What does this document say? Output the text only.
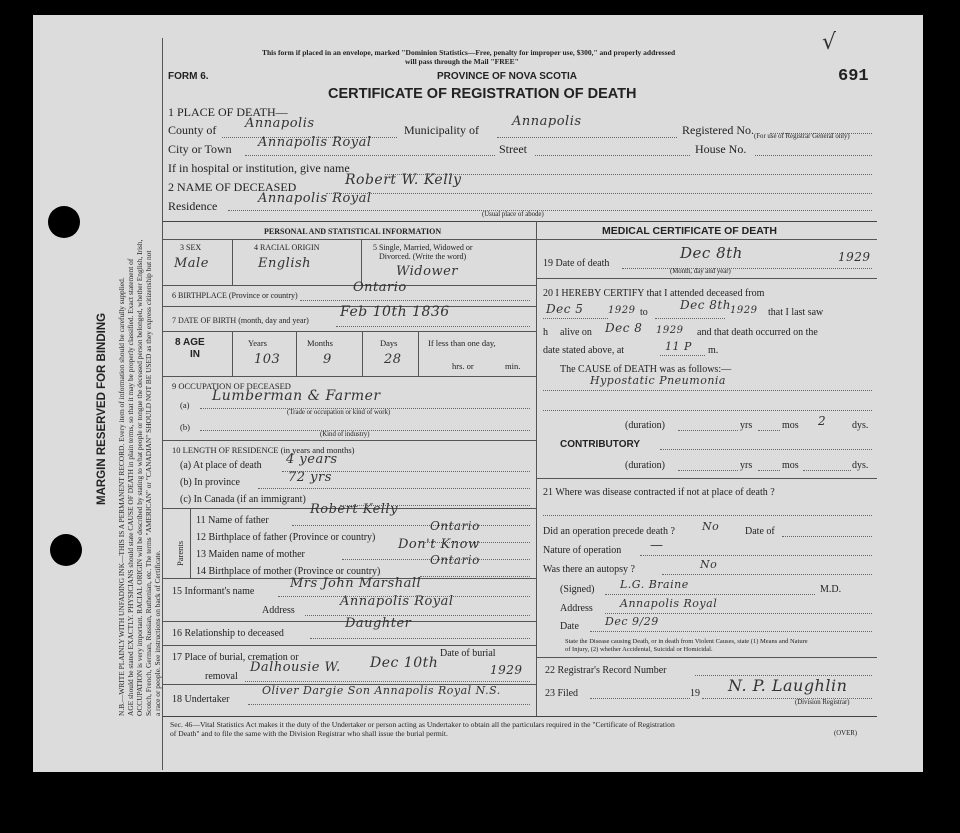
MARGIN RESERVED FOR BINDING N.B.—WRITE PLAINLY WITH UNFADING INK—THIS IS A PERMANENT RECORD. Every item of information should be carefully supplied. AGE should be stated EXACTLY. PHYSICIANS should state CAUSE OF DEATH in plain terms, so that it may be properly classified. Exact statement of OCCUPATION is very important. RACIAL ORIGIN will be described by stating to what people or tongue the deceased person belonged, whether English, Irish, Scotch, French, German, Russian, Ruthenian, etc. The terms "AMERICAN" or "CANADIAN" SHOULD NOT BE USED as they express citizenship but not a race or people. See instructions on back of Certificate.
This form if placed in an envelope, marked "Dominion Statistics—Free, penalty for improper use, $300," and properly addressed
will pass through the Mail "FREE"
√
FORM 6.	PROVINCE OF NOVA SCOTIA	691
CERTIFICATE OF REGISTRATION OF DEATH
1 PLACE OF DEATH—
County of Annapolis	Municipality of
Annapolis
Registered No. (For use of Registrar General only)
City or Town Annapolis Royal	Street	House No.
If in hospital or institution, give name
2 NAME OF DECEASED	Robert W. Kelly
Residence	Annapolis Royal
(Usual place of abode)
PERSONAL AND STATISTICAL INFORMATION
3 SEX
Male
4 RACIAL ORIGIN
English
5 Single, Married, Widowed or
Divorced. (Write the word)
Widower
6 BIRTHPLACE (Province or country)
Ontario
7 DATE OF BIRTH (month, day and year)
Feb 10th 1836
8 AGE
IN
Years
103
Months
9
Days
28
If less than one day,
hrs. or	min.
9 OCCUPATION OF DECEASED
(a)
Lumberman & Farmer
(Trade or occupation or kind of work)
(b)
(Kind of industry)
10 LENGTH OF RESIDENCE (in years and months)
(a) At place of death 4 years
(b) In province	72 yrs
(c) In Canada (if an immigrant)
Parents
11 Name of father
Robert Kelly
12 Birthplace of father (Province or country)
Ontario
13 Maiden name of mother
Don't Know
14 Birthplace of mother (Province or country)
Ontario
15 Informant's name
Mrs John Marshall
Address
Annapolis Royal
16 Relationship to deceased
Daughter
17 Place of burial, cremation or
removal
Dalhousie W.
Date of burial
Dec 10th	1929
18 Undertaker
Oliver Dargie Son Annapolis Royal N.S.
MEDICAL CERTIFICATE OF DEATH
19 Date of death
Dec 8th
(Month, day and year)
1929
20 I HEREBY CERTIFY that I attended deceased from
Dec 5 1929 to
Dec 8th 1929 that I last saw
h alive on Dec 8 1929 and that death occurred on the
date stated above, at	11 P m.
The CAUSE of DEATH was as follows:—
Hypostatic Pneumonia
(duration)	yrs	mos 2	dys.
CONTRIBUTORY
(duration)	yrs	mos	dys.
21 Where was disease contracted if not at place of death ?
Did an operation precede death ? No	Date of
Nature of operation —
Was there an autopsy ?	No
(Signed) L.G. Braine	M.D.
Address Annapolis Royal
Date Dec 9/29
State the Disease causing Death, or in death from Violent Causes, state (1) Means and Nature
of Injury, (2) whether Accidental, Suicidal or Homicidal.
22 Registrar's Record Number
23 Filed	19 N. P. Laughlin
(Division Registrar)
Sec. 46—Vital Statistics Act makes it the duty of the Undertaker or person acting as Undertaker to obtain all the particulars required in the "Certificate of Registration
of Death" and to file the same with the Division Registrar who shall issue the burial permit.	(OVER)
